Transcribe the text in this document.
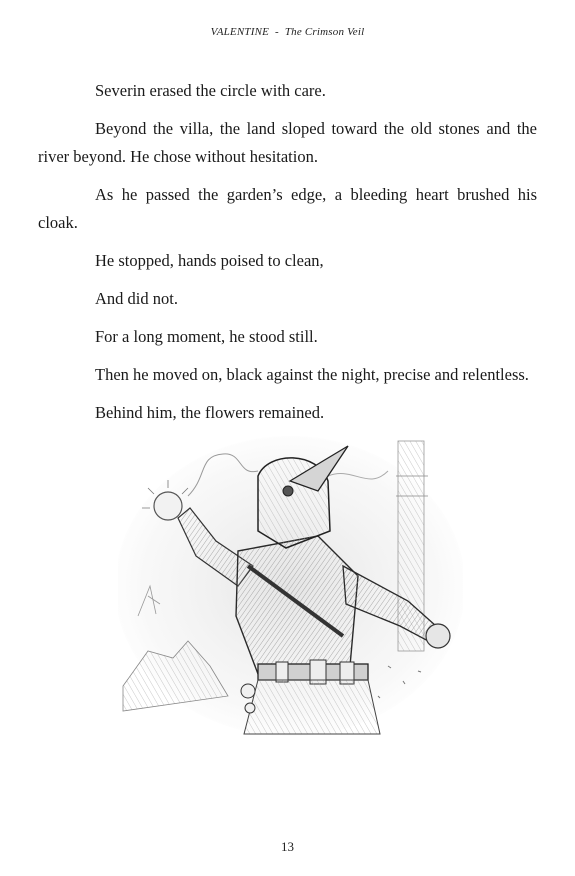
VALENTINE - The Crimson Veil

Severin erased the circle with care.

Beyond the villa, the land sloped toward the old stones and the river beyond. He chose without hesitation.

As he passed the garden’s edge, a bleeding heart brushed his cloak.

He stopped, hands poised to clean,

And did not.

For a long moment, he stood still.

Then he moved on, black against the night, precise and relentless.

Behind him, the flowers remained.

13
